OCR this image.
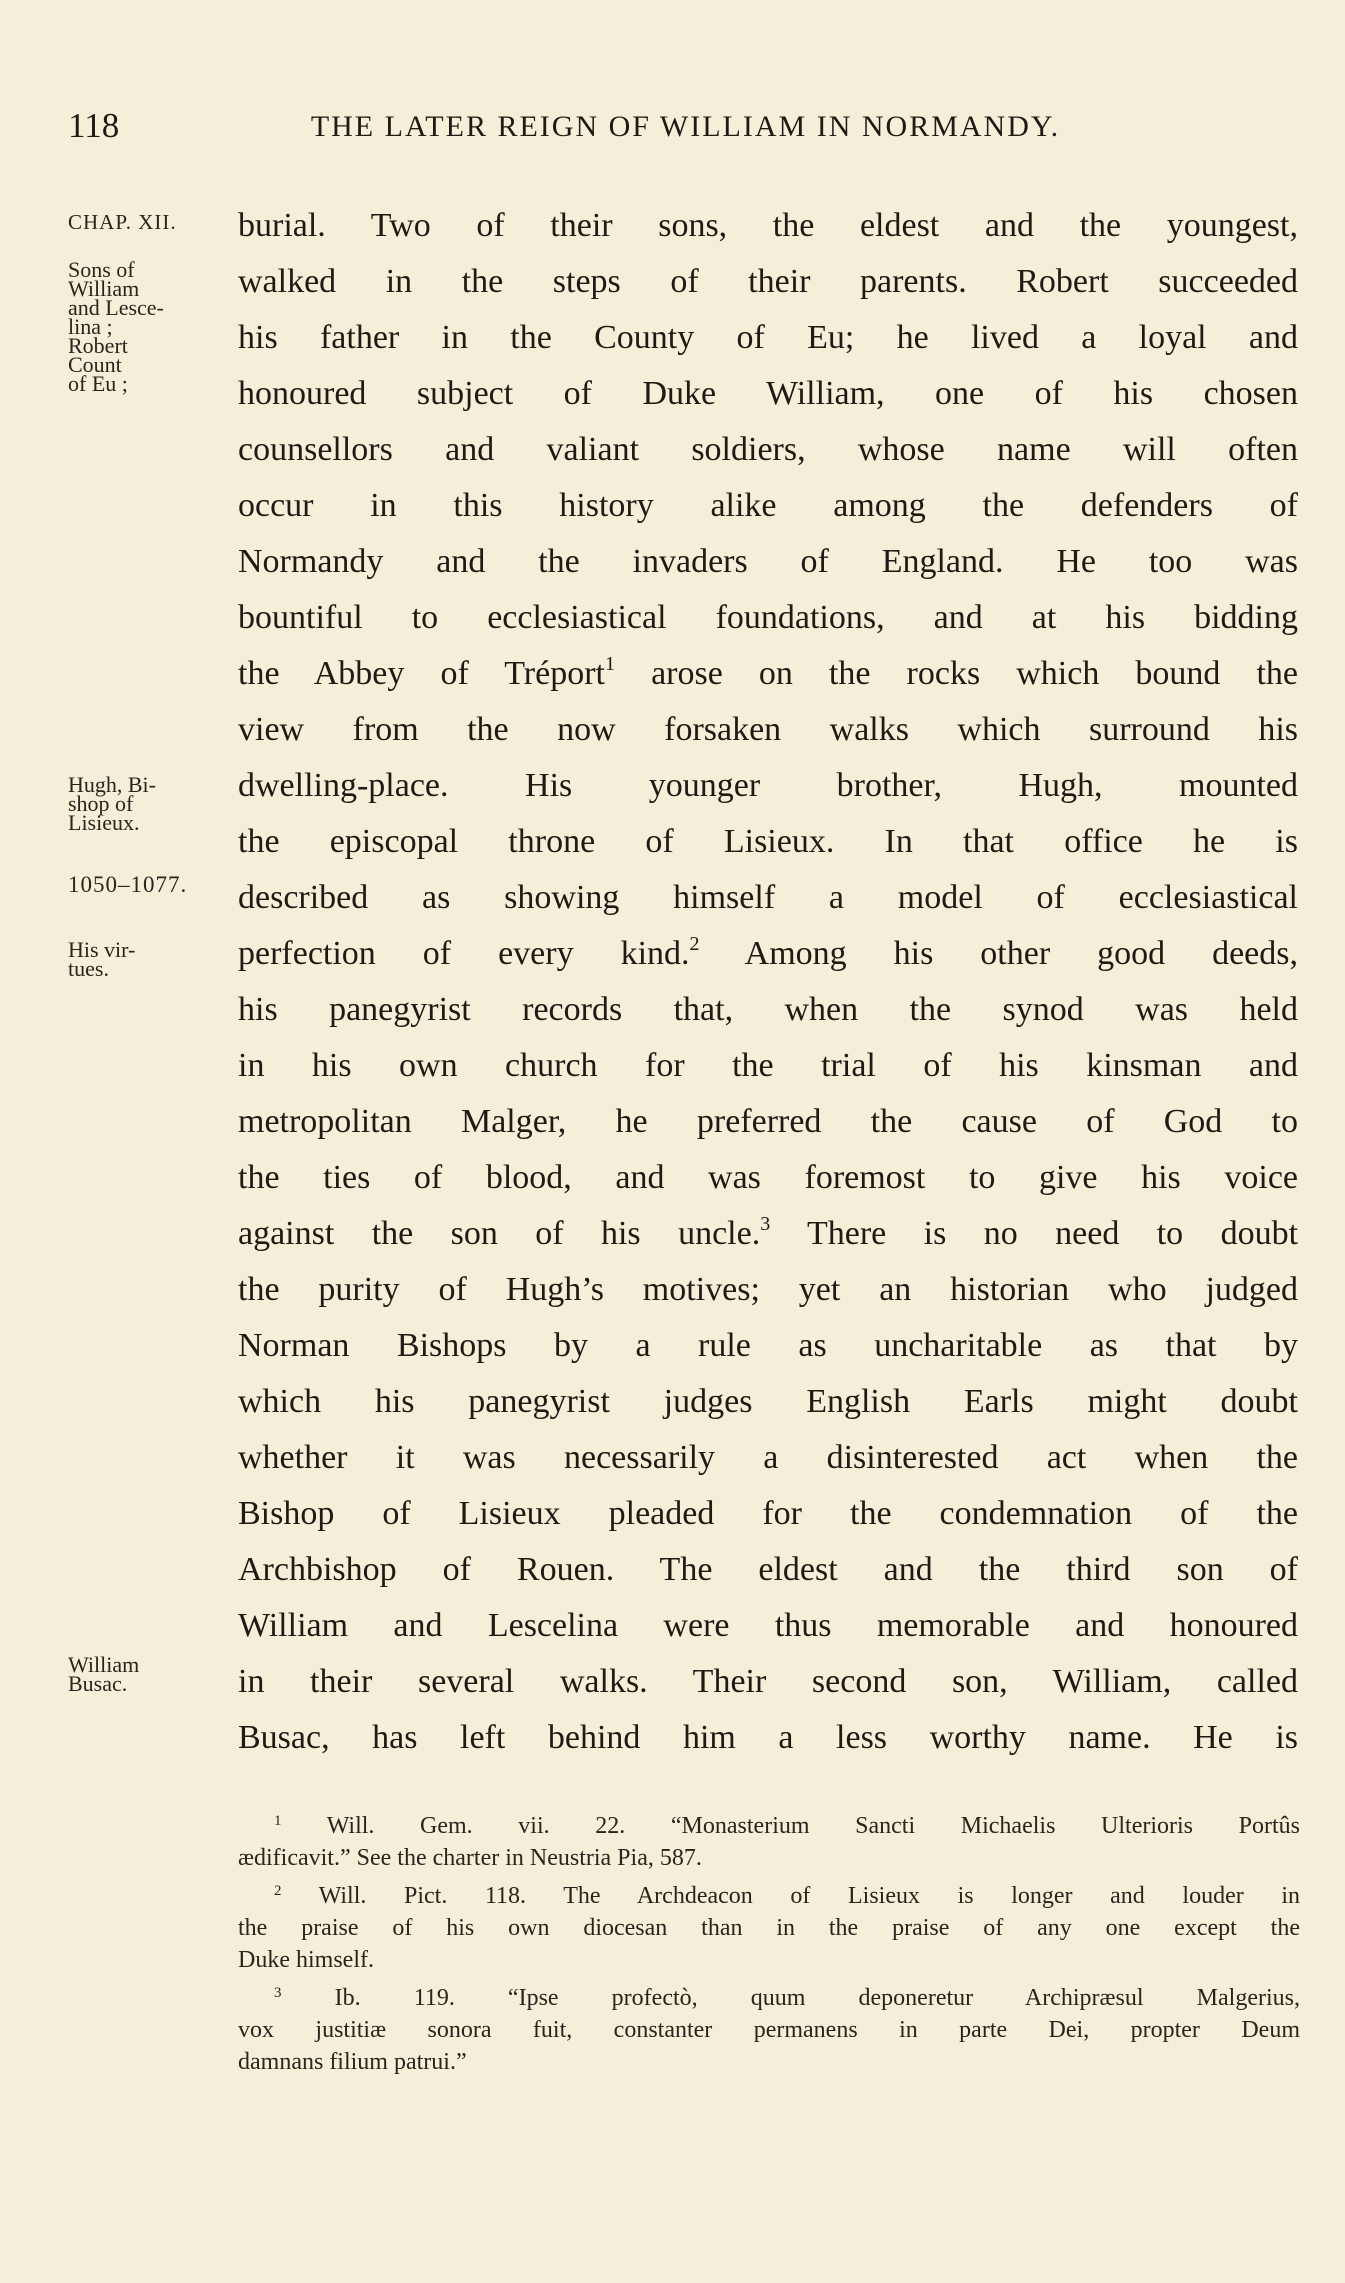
118	THE LATER REIGN OF WILLIAM IN NORMANDY.
CHAP. XII.
Sons of
William
and Lesce-
lina ;
Robert
Count
of Eu ;
Hugh, Bi-
shop of
Lisieux.
1050–1077.
His vir-
tues.
William
Busac.
burial. Two of their sons, the eldest and the youngest,
walked in the steps of their parents. Robert succeeded
his father in the County of Eu; he lived a loyal and
honoured subject of Duke William, one of his chosen
counsellors and valiant soldiers, whose name will often
occur in this history alike among the defenders of
Normandy and the invaders of England. He too was
bountiful to ecclesiastical foundations, and at his bidding
the Abbey of Tréport$^1$ arose on the rocks which bound the
view from the now forsaken walks which surround his
dwelling-place. His younger brother, Hugh, mounted
the episcopal throne of Lisieux. In that office he is
described as showing himself a model of ecclesiastical
perfection of every kind.$^2$ Among his other good deeds,
his panegyrist records that, when the synod was held
in his own church for the trial of his kinsman and
metropolitan Malger, he preferred the cause of God to
the ties of blood, and was foremost to give his voice
against the son of his uncle.$^3$ There is no need to doubt
the purity of Hugh’s motives; yet an historian who judged
Norman Bishops by a rule as uncharitable as that by
which his panegyrist judges English Earls might doubt
whether it was necessarily a disinterested act when the
Bishop of Lisieux pleaded for the condemnation of the
Archbishop of Rouen. The eldest and the third son of
William and Lescelina were thus memorable and honoured
in their several walks. Their second son, William, called
Busac, has left behind him a less worthy name. He is
$^1$ Will. Gem. vii. 22. “Monasterium Sancti Michaelis Ulterioris Portûs
ædificavit.” See the charter in Neustria Pia, 587.
$^2$ Will. Pict. 118. The Archdeacon of Lisieux is longer and louder in
the praise of his own diocesan than in the praise of any one except the
Duke himself.
$^3$ Ib. 119. “Ipse profectò, quum deponeretur Archipræsul Malgerius,
vox justitiæ sonora fuit, constanter permanens in parte Dei, propter Deum
damnans filium patrui.”
